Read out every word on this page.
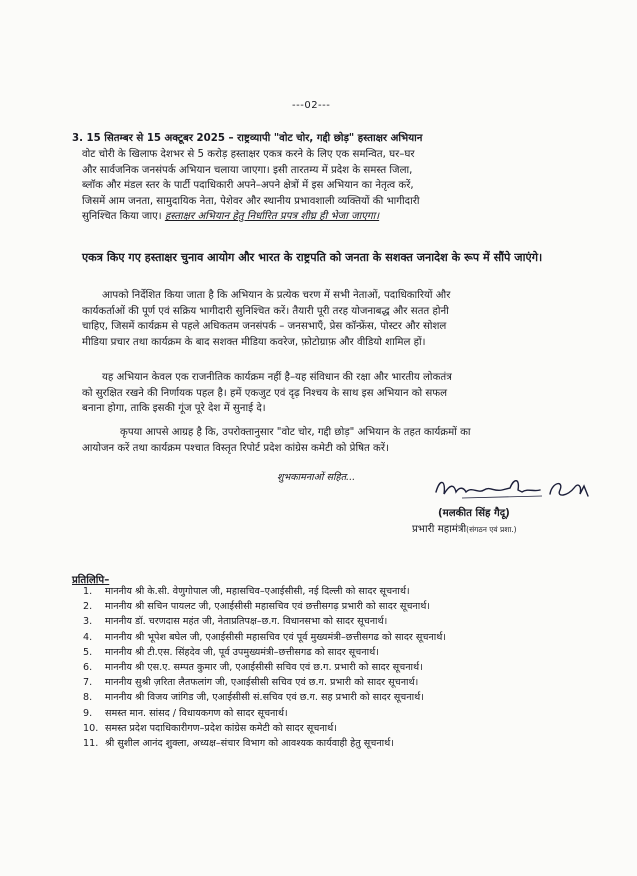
---02---
3. 15 सितम्बर से 15 अक्टूबर 2025 – राष्ट्रव्यापी "वोट चोर, गद्दी छोड़" हस्ताक्षर अभियान
वोट चोरी के खिलाफ देशभर से 5 करोड़ हस्ताक्षर एकत्र करने के लिए एक समन्वित, घर–घर
और सार्वजनिक जनसंपर्क अभियान चलाया जाएगा। इसी तारतम्य में प्रदेश के समस्त जिला,
ब्लॉक और मंडल स्तर के पार्टी पदाधिकारी अपने–अपने क्षेत्रों में इस अभियान का नेतृत्व करें,
जिसमें आम जनता, सामुदायिक नेता, पेशेवर और स्थानीय प्रभावशाली व्यक्तियों की भागीदारी
सुनिश्चित किया जाए। हस्ताक्षर अभियान हेतु निर्धारित प्रपत्र शीघ्र ही भेजा जाएगा।
एकत्र किए गए हस्ताक्षर चुनाव आयोग और भारत के राष्ट्रपति को जनता के सशक्त जनादेश के रूप में सौंपे जाएंगे।
आपको निर्देशित किया जाता है कि अभियान के प्रत्येक चरण में सभी नेताओं, पदाधिकारियों और
कार्यकर्ताओं की पूर्ण एवं सक्रिय भागीदारी सुनिश्चित करें। तैयारी पूरी तरह योजनाबद्ध और सतत होनी
चाहिए, जिसमें कार्यक्रम से पहले अधिकतम जनसंपर्क – जनसभाएँ, प्रेस कॉन्फ्रेंस, पोस्टर और सोशल
मीडिया प्रचार तथा कार्यक्रम के बाद सशक्त मीडिया कवरेज, फ़ोटोग्राफ़ और वीडियो शामिल हों।
यह अभियान केवल एक राजनीतिक कार्यक्रम नहीं है–यह संविधान की रक्षा और भारतीय लोकतंत्र
को सुरक्षित रखने की निर्णायक पहल है। हमें एकजुट एवं दृढ़ निश्चय के साथ इस अभियान को सफल
बनाना होगा, ताकि इसकी गूंज पूरे देश में सुनाई दे।
कृपया आपसे आग्रह है कि, उपरोक्तानुसार "वोट चोर, गद्दी छोड़" अभियान के तहत कार्यक्रमों का
आयोजन करें तथा कार्यक्रम पश्चात विस्तृत रिपोर्ट प्रदेश कांग्रेस कमेटी को प्रेषित करें।
शुभकामनाओं सहित...
(मलकीत सिंह गैदू)
प्रभारी महामंत्री(संगठन एवं प्रशा.)
प्रतिलिपि–
1. माननीय श्री के.सी. वेणुगोपाल जी, महासचिव–एआईसीसी, नई दिल्ली को सादर सूचनार्थ।
2. माननीय श्री सचिन पायलट जी, एआईसीसी महासचिव एवं छत्तीसगढ़ प्रभारी को सादर सूचनार्थ।
3. माननीय डॉ. चरणदास महंत जी, नेताप्रतिपक्ष–छ.ग. विधानसभा को सादर सूचनार्थ।
4. माननीय श्री भूपेश बघेल जी, एआईसीसी महासचिव एवं पूर्व मुख्यमंत्री–छत्तीसगढ को सादर सूचनार्थ।
5. माननीय श्री टी.एस. सिंहदेव जी, पूर्व उपमुख्यमंत्री–छत्तीसगढ को सादर सूचनार्थ।
6. माननीय श्री एस.ए. सम्पत कुमार जी, एआईसीसी सचिव एवं छ.ग. प्रभारी को सादर सूचनार्थ।
7. माननीय सुश्री ज़रिता लैतफलांग जी, एआईसीसी सचिव एवं छ.ग. प्रभारी को सादर सूचनार्थ।
8. माननीय श्री विजय जांगिड जी, एआईसीसी सं.सचिव एवं छ.ग. सह प्रभारी को सादर सूचनार्थ।
9. समस्त मान. सांसद / विधायकगण को सादर सूचनार्थ।
10. समस्त प्रदेश पदाधिकारीगण–प्रदेश कांग्रेस कमेटी को सादर सूचनार्थ।
11. श्री सुशील आनंद शुक्ला, अध्यक्ष–संचार विभाग को आवश्यक कार्यवाही हेतु सूचनार्थ।
